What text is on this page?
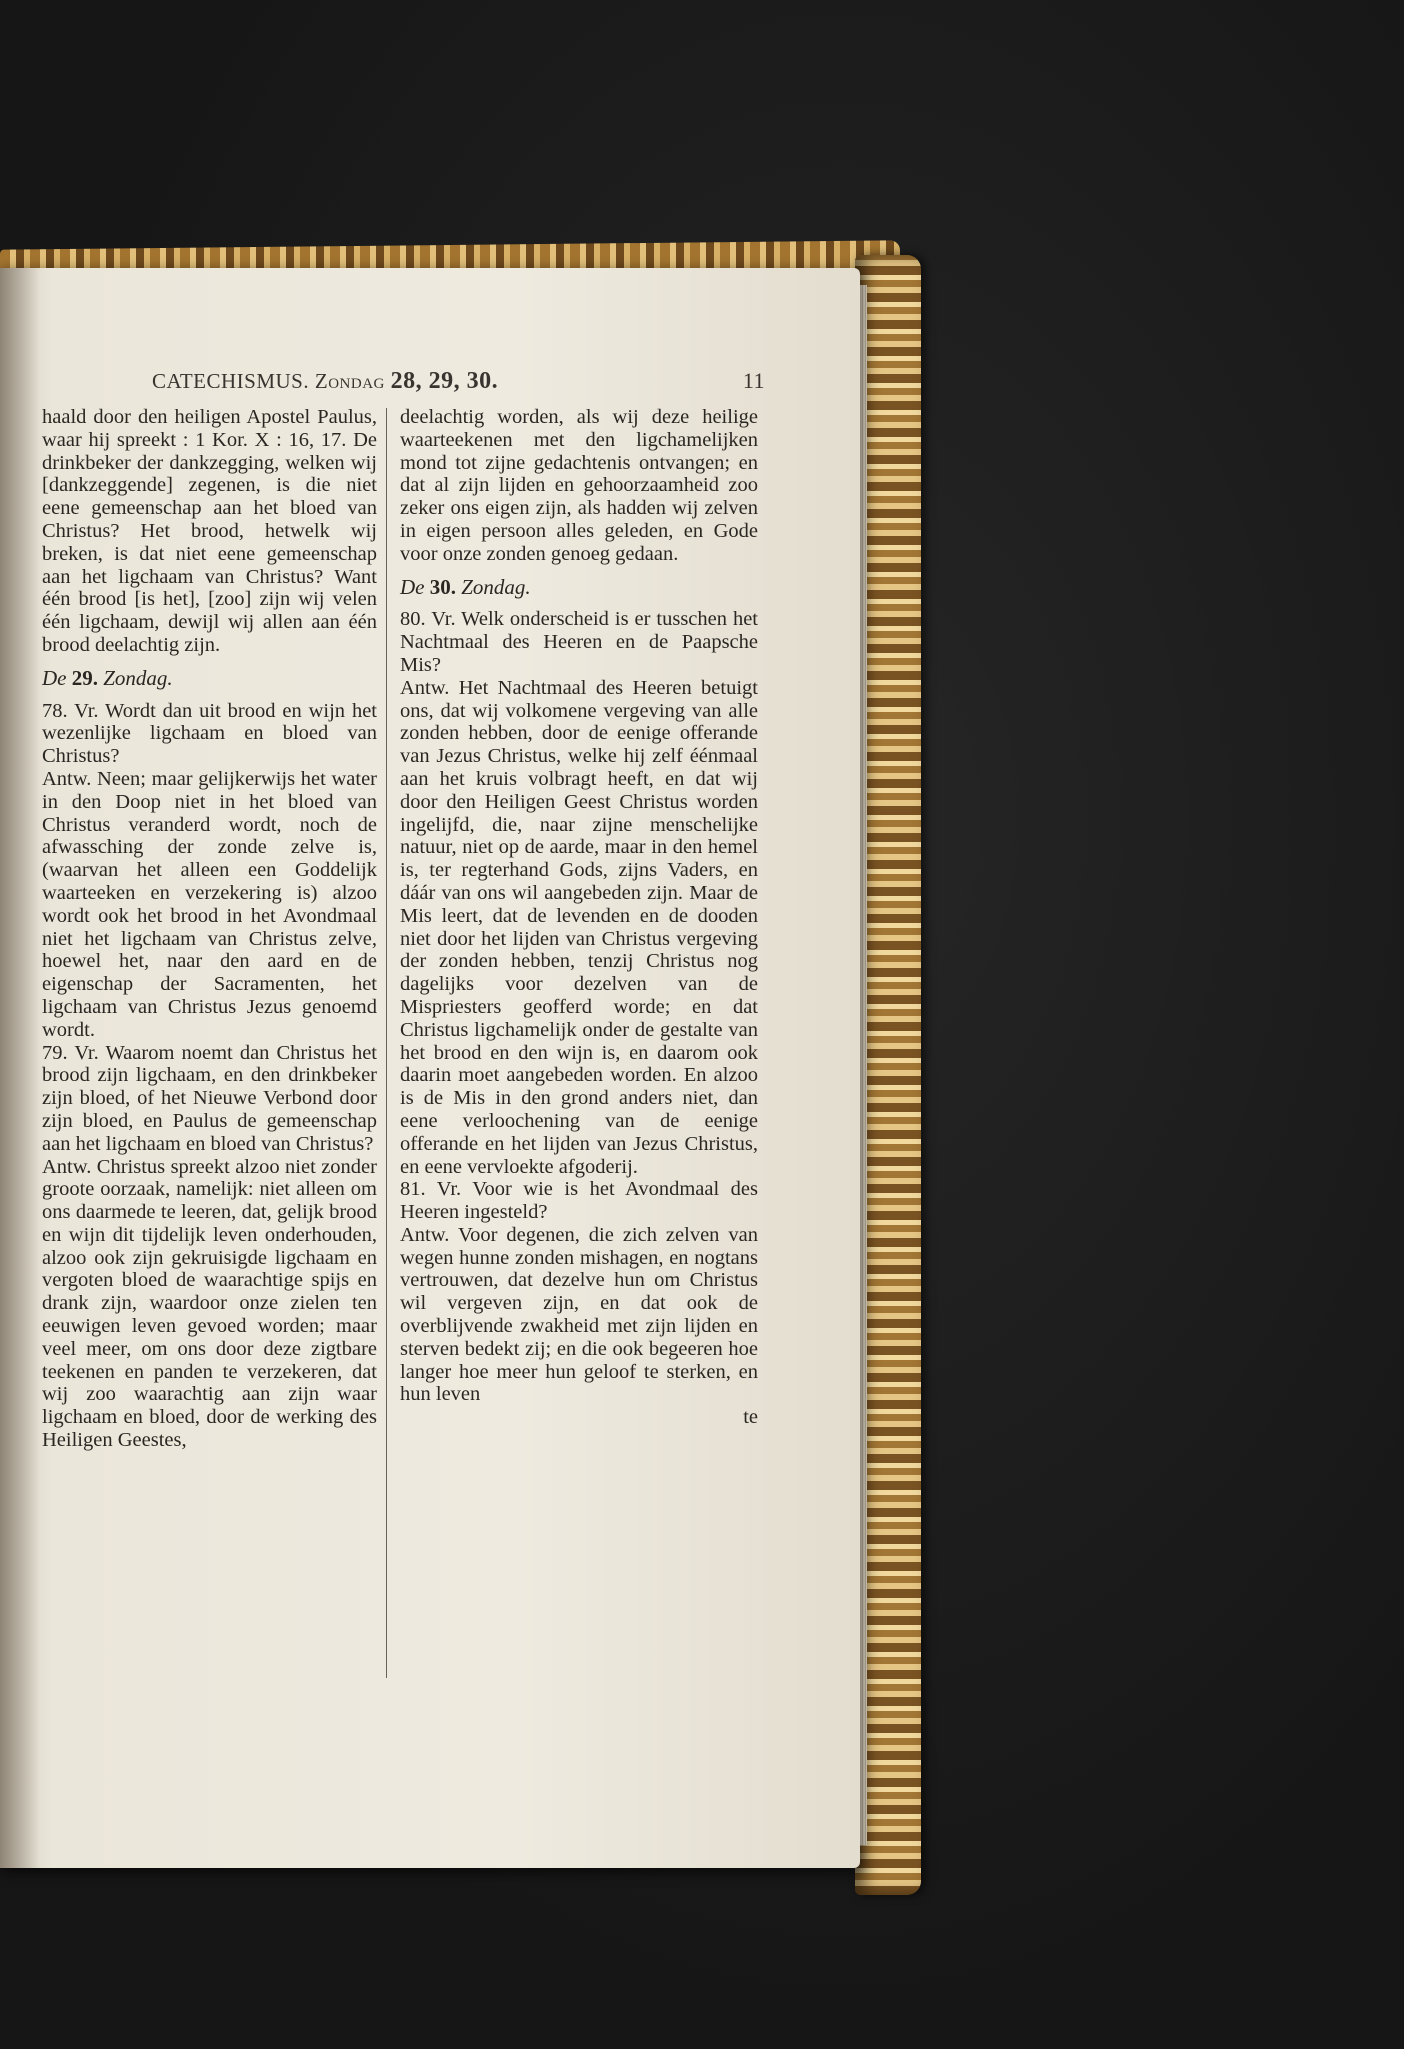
CATECHISMUS. Zondag 28, 29, 30.	11

haald door den heiligen Apostel Paulus, waar hij spreekt : 1 Kor. X : 16, 17. De drinkbeker der dankzegging, welken wij [dankzeggende] zegenen, is die niet eene gemeenschap aan het bloed van Christus? Het brood, hetwelk wij breken, is dat niet eene gemeenschap aan het ligchaam van Christus? Want één brood [is het], [zoo] zijn wij velen één ligchaam, dewijl wij allen aan één brood deelachtig zijn.

De 29. Zondag.

78. Vr. Wordt dan uit brood en wijn het wezenlijke ligchaam en bloed van Christus?

Antw. Neen; maar gelijkerwijs het water in den Doop niet in het bloed van Christus veranderd wordt, noch de afwassching der zonde zelve is, (waarvan het alleen een Goddelijk waarteeken en verzekering is) alzoo wordt ook het brood in het Avondmaal niet het ligchaam van Christus zelve, hoewel het, naar den aard en de eigenschap der Sacramenten, het ligchaam van Christus Jezus genoemd wordt.

79. Vr. Waarom noemt dan Christus het brood zijn ligchaam, en den drinkbeker zijn bloed, of het Nieuwe Verbond door zijn bloed, en Paulus de gemeenschap aan het ligchaam en bloed van Christus?

Antw. Christus spreekt alzoo niet zonder groote oorzaak, namelijk: niet alleen om ons daarmede te leeren, dat, gelijk brood en wijn dit tijdelijk leven onderhouden, alzoo ook zijn gekruisigde ligchaam en vergoten bloed de waarachtige spijs en drank zijn, waardoor onze zielen ten eeuwigen leven gevoed worden; maar veel meer, om ons door deze zigtbare teekenen en panden te verzekeren, dat wij zoo waarachtig aan zijn waar ligchaam en bloed, door de werking des Heiligen Geestes,

deelachtig worden, als wij deze heilige waarteekenen met den ligchamelijken mond tot zijne gedachtenis ontvangen; en dat al zijn lijden en gehoorzaamheid zoo zeker ons eigen zijn, als hadden wij zelven in eigen persoon alles geleden, en Gode voor onze zonden genoeg gedaan.

De 30. Zondag.

80. Vr. Welk onderscheid is er tusschen het Nachtmaal des Heeren en de Paapsche Mis?

Antw. Het Nachtmaal des Heeren betuigt ons, dat wij volkomene vergeving van alle zonden hebben, door de eenige offerande van Jezus Christus, welke hij zelf éénmaal aan het kruis volbragt heeft, en dat wij door den Heiligen Geest Christus worden ingelijfd, die, naar zijne menschelijke natuur, niet op de aarde, maar in den hemel is, ter regterhand Gods, zijns Vaders, en dáár van ons wil aangebeden zijn. Maar de Mis leert, dat de levenden en de dooden niet door het lijden van Christus vergeving der zonden hebben, tenzij Christus nog dagelijks voor dezelven van de Mispriesters geofferd worde; en dat Christus ligchamelijk onder de gestalte van het brood en den wijn is, en daarom ook daarin moet aangebeden worden. En alzoo is de Mis in den grond anders niet, dan eene verloochening van de eenige offerande en het lijden van Jezus Christus, en eene vervloekte afgoderij.

81. Vr. Voor wie is het Avondmaal des Heeren ingesteld?

Antw. Voor degenen, die zich zelven van wegen hunne zonden mishagen, en nogtans vertrouwen, dat dezelve hun om Christus wil vergeven zijn, en dat ook de overblijvende zwakheid met zijn lijden en sterven bedekt zij; en die ook begeeren hoe langer hoe meer hun geloof te sterken, en hun leven

te
